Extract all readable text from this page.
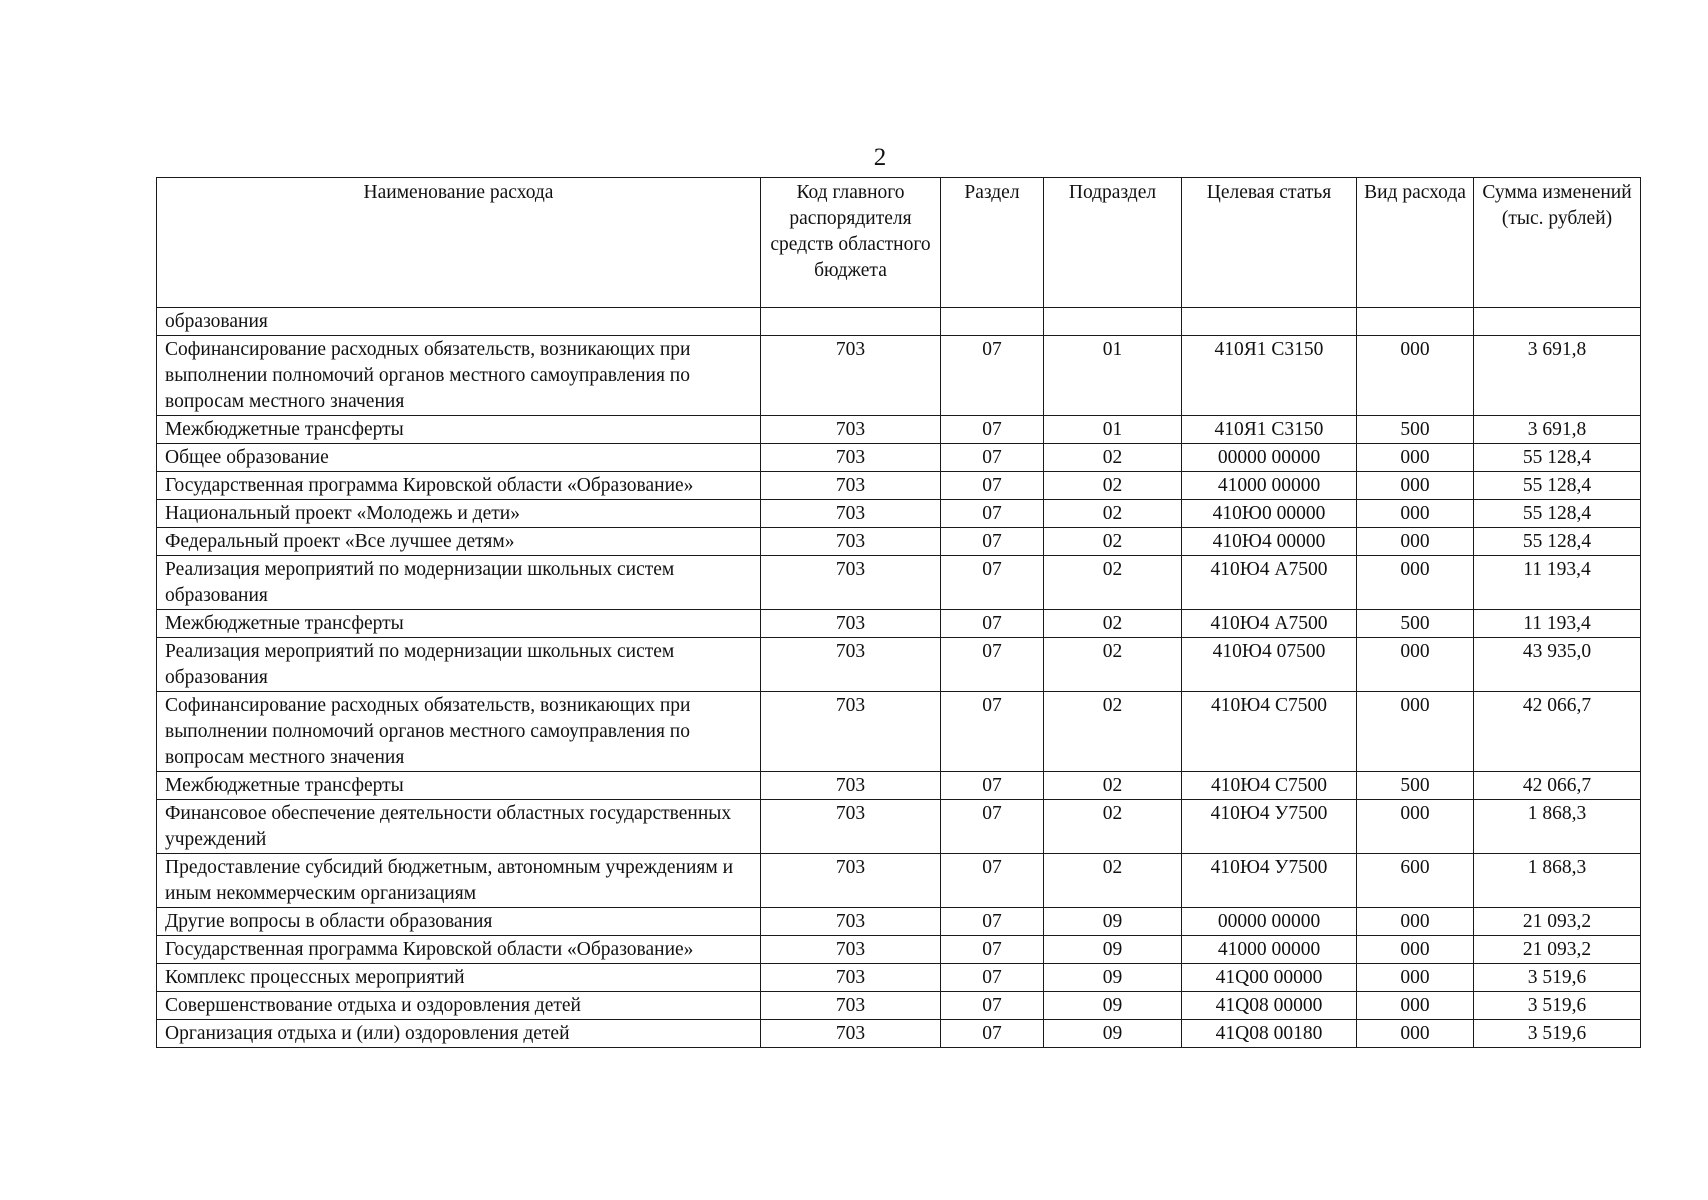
2
Наименование расхода	Код главного распорядителя средств областного бюджета	Раздел	Подраздел	Целевая статья	Вид расхода	Сумма изменений (тыс. рублей)
образования						
Софинансирование расходных обязательств, возникающих при выполнении полномочий органов местного самоуправления по вопросам местного значения	703	07	01	410Я1 С3150	000	3 691,8
Межбюджетные трансферты	703	07	01	410Я1 С3150	500	3 691,8
Общее образование	703	07	02	00000 00000	000	55 128,4
Государственная программа Кировской области «Образование»	703	07	02	41000 00000	000	55 128,4
Национальный проект «Молодежь и дети»	703	07	02	410Ю0 00000	000	55 128,4
Федеральный проект «Все лучшее детям»	703	07	02	410Ю4 00000	000	55 128,4
Реализация мероприятий по модернизации школьных систем образования	703	07	02	410Ю4 А7500	000	11 193,4
Межбюджетные трансферты	703	07	02	410Ю4 А7500	500	11 193,4
Реализация мероприятий по модернизации школьных систем образования	703	07	02	410Ю4 07500	000	43 935,0
Софинансирование расходных обязательств, возникающих при выполнении полномочий органов местного самоуправления по вопросам местного значения	703	07	02	410Ю4 С7500	000	42 066,7
Межбюджетные трансферты	703	07	02	410Ю4 С7500	500	42 066,7
Финансовое обеспечение деятельности областных государственных учреждений	703	07	02	410Ю4 У7500	000	1 868,3
Предоставление субсидий бюджетным, автономным учреждениям и иным некоммерческим организациям	703	07	02	410Ю4 У7500	600	1 868,3
Другие вопросы в области образования	703	07	09	00000 00000	000	21 093,2
Государственная программа Кировской области «Образование»	703	07	09	41000 00000	000	21 093,2
Комплекс процессных мероприятий	703	07	09	41Q00 00000	000	3 519,6
Совершенствование отдыха и оздоровления детей	703	07	09	41Q08 00000	000	3 519,6
Организация отдыха и (или) оздоровления детей	703	07	09	41Q08 00180	000	3 519,6
